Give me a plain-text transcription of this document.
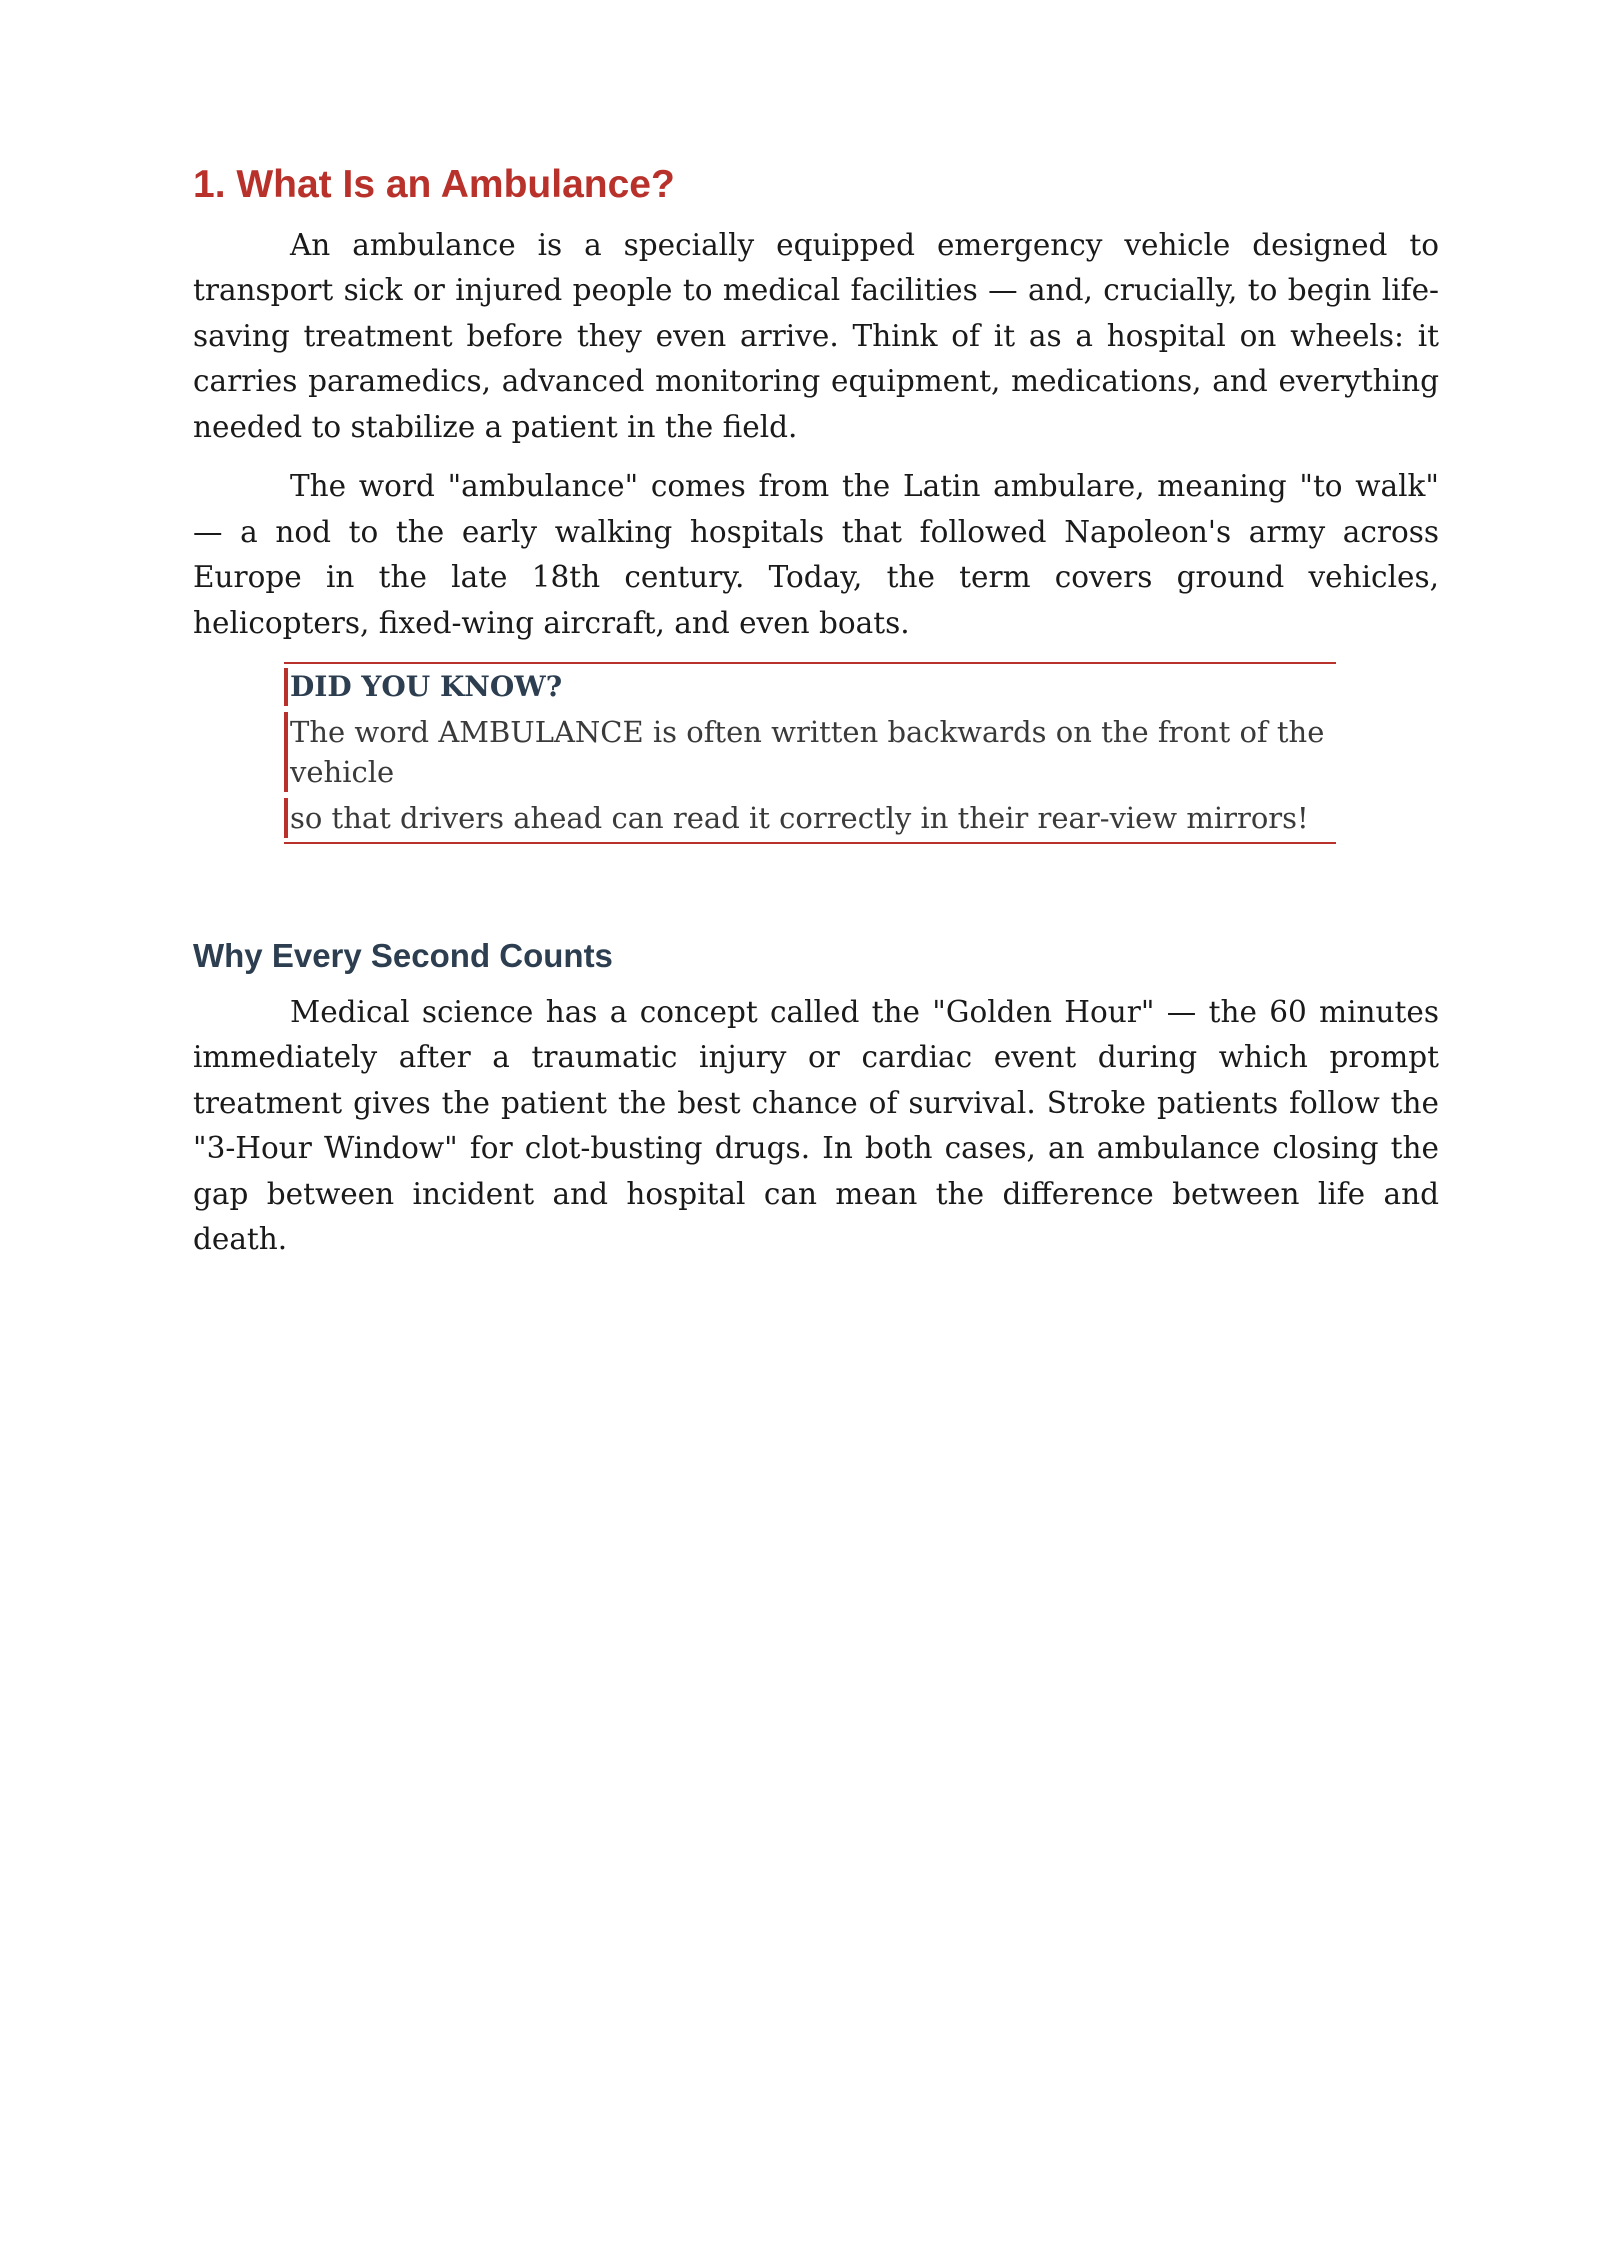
1. What Is an Ambulance?

An ambulance is a specially equipped emergency vehicle designed to transport sick or injured people to medical facilities — and, crucially, to begin life-saving treatment before they even arrive. Think of it as a hospital on wheels: it carries paramedics, advanced monitoring equipment, medications, and everything needed to stabilize a patient in the field.

The word "ambulance" comes from the Latin ambulare, meaning "to walk" — a nod to the early walking hospitals that followed Napoleon's army across Europe in the late 18th century. Today, the term covers ground vehicles, helicopters, fixed-wing aircraft, and even boats.

DID YOU KNOW?
The word AMBULANCE is often written backwards on the front of the vehicle
so that drivers ahead can read it correctly in their rear-view mirrors!
Why Every Second Counts

Medical science has a concept called the "Golden Hour" — the 60 minutes immediately after a traumatic injury or cardiac event during which prompt treatment gives the patient the best chance of survival. Stroke patients follow the "3-Hour Window" for clot-busting drugs. In both cases, an ambulance closing the gap between incident and hospital can mean the difference between life and death.
